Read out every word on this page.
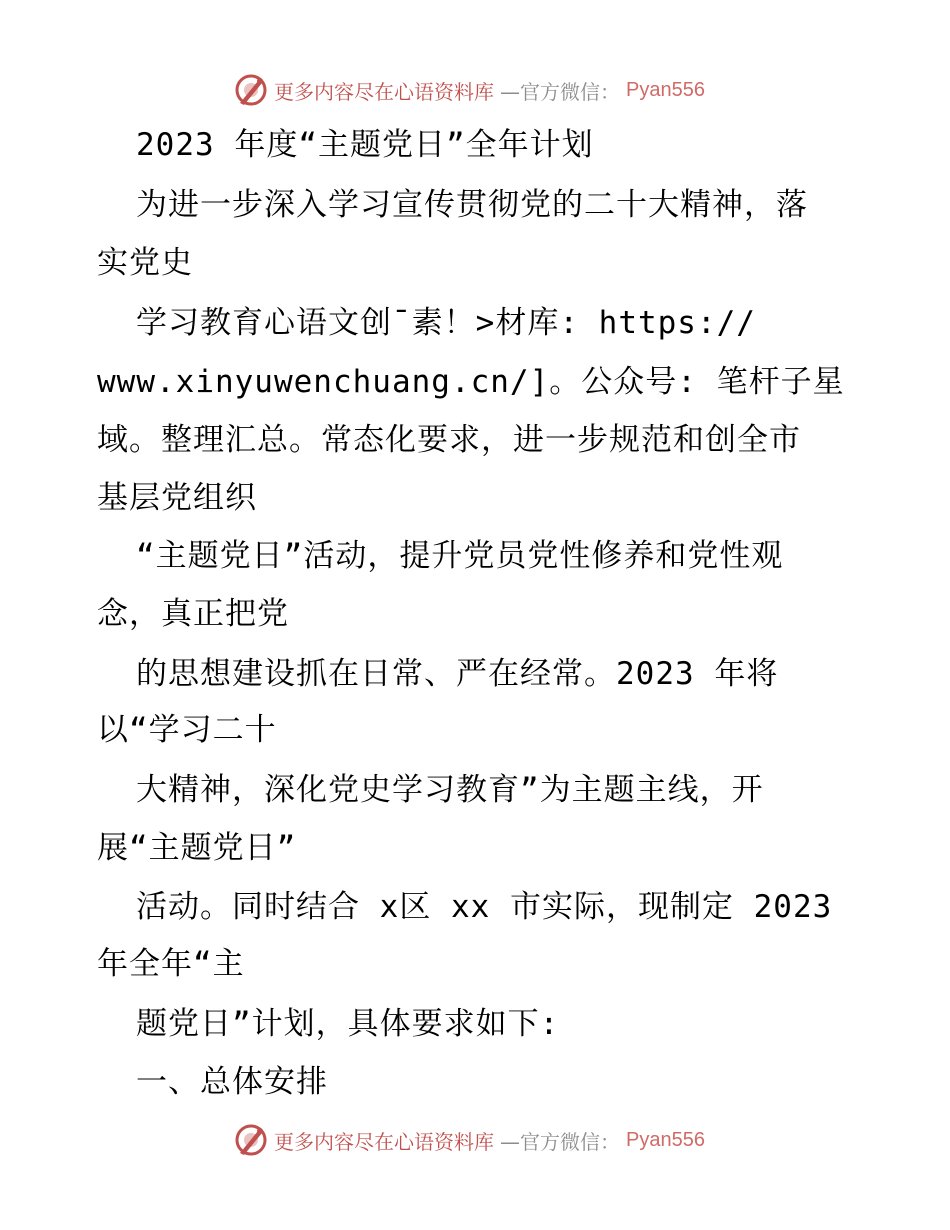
更多内容尽在心语资料库 —官方微信： Pyan556
2023 年度“主题党日”全年计划
为进一步深入学习宣传贯彻党的二十大精神，落
实党史
学习教育心语文创¯素！>材库: https://
www.xinyuwenchuang.cn/]。公众号: 笔杆子星
域。整理汇总。常态化要求，进一步规范和创全市
基层党组织
“主题党日”活动，提升党员党性修养和党性观
念，真正把党
的思想建设抓在日常、严在经常。2023 年将
以“学习二十
大精神，深化党史学习教育”为主题主线，开
展“主题党日”
活动。同时结合 x区 xx 市实际，现制定 2023
年全年“主
题党日”计划，具体要求如下:
一、总体安排
更多内容尽在心语资料库 —官方微信： Pyan556
